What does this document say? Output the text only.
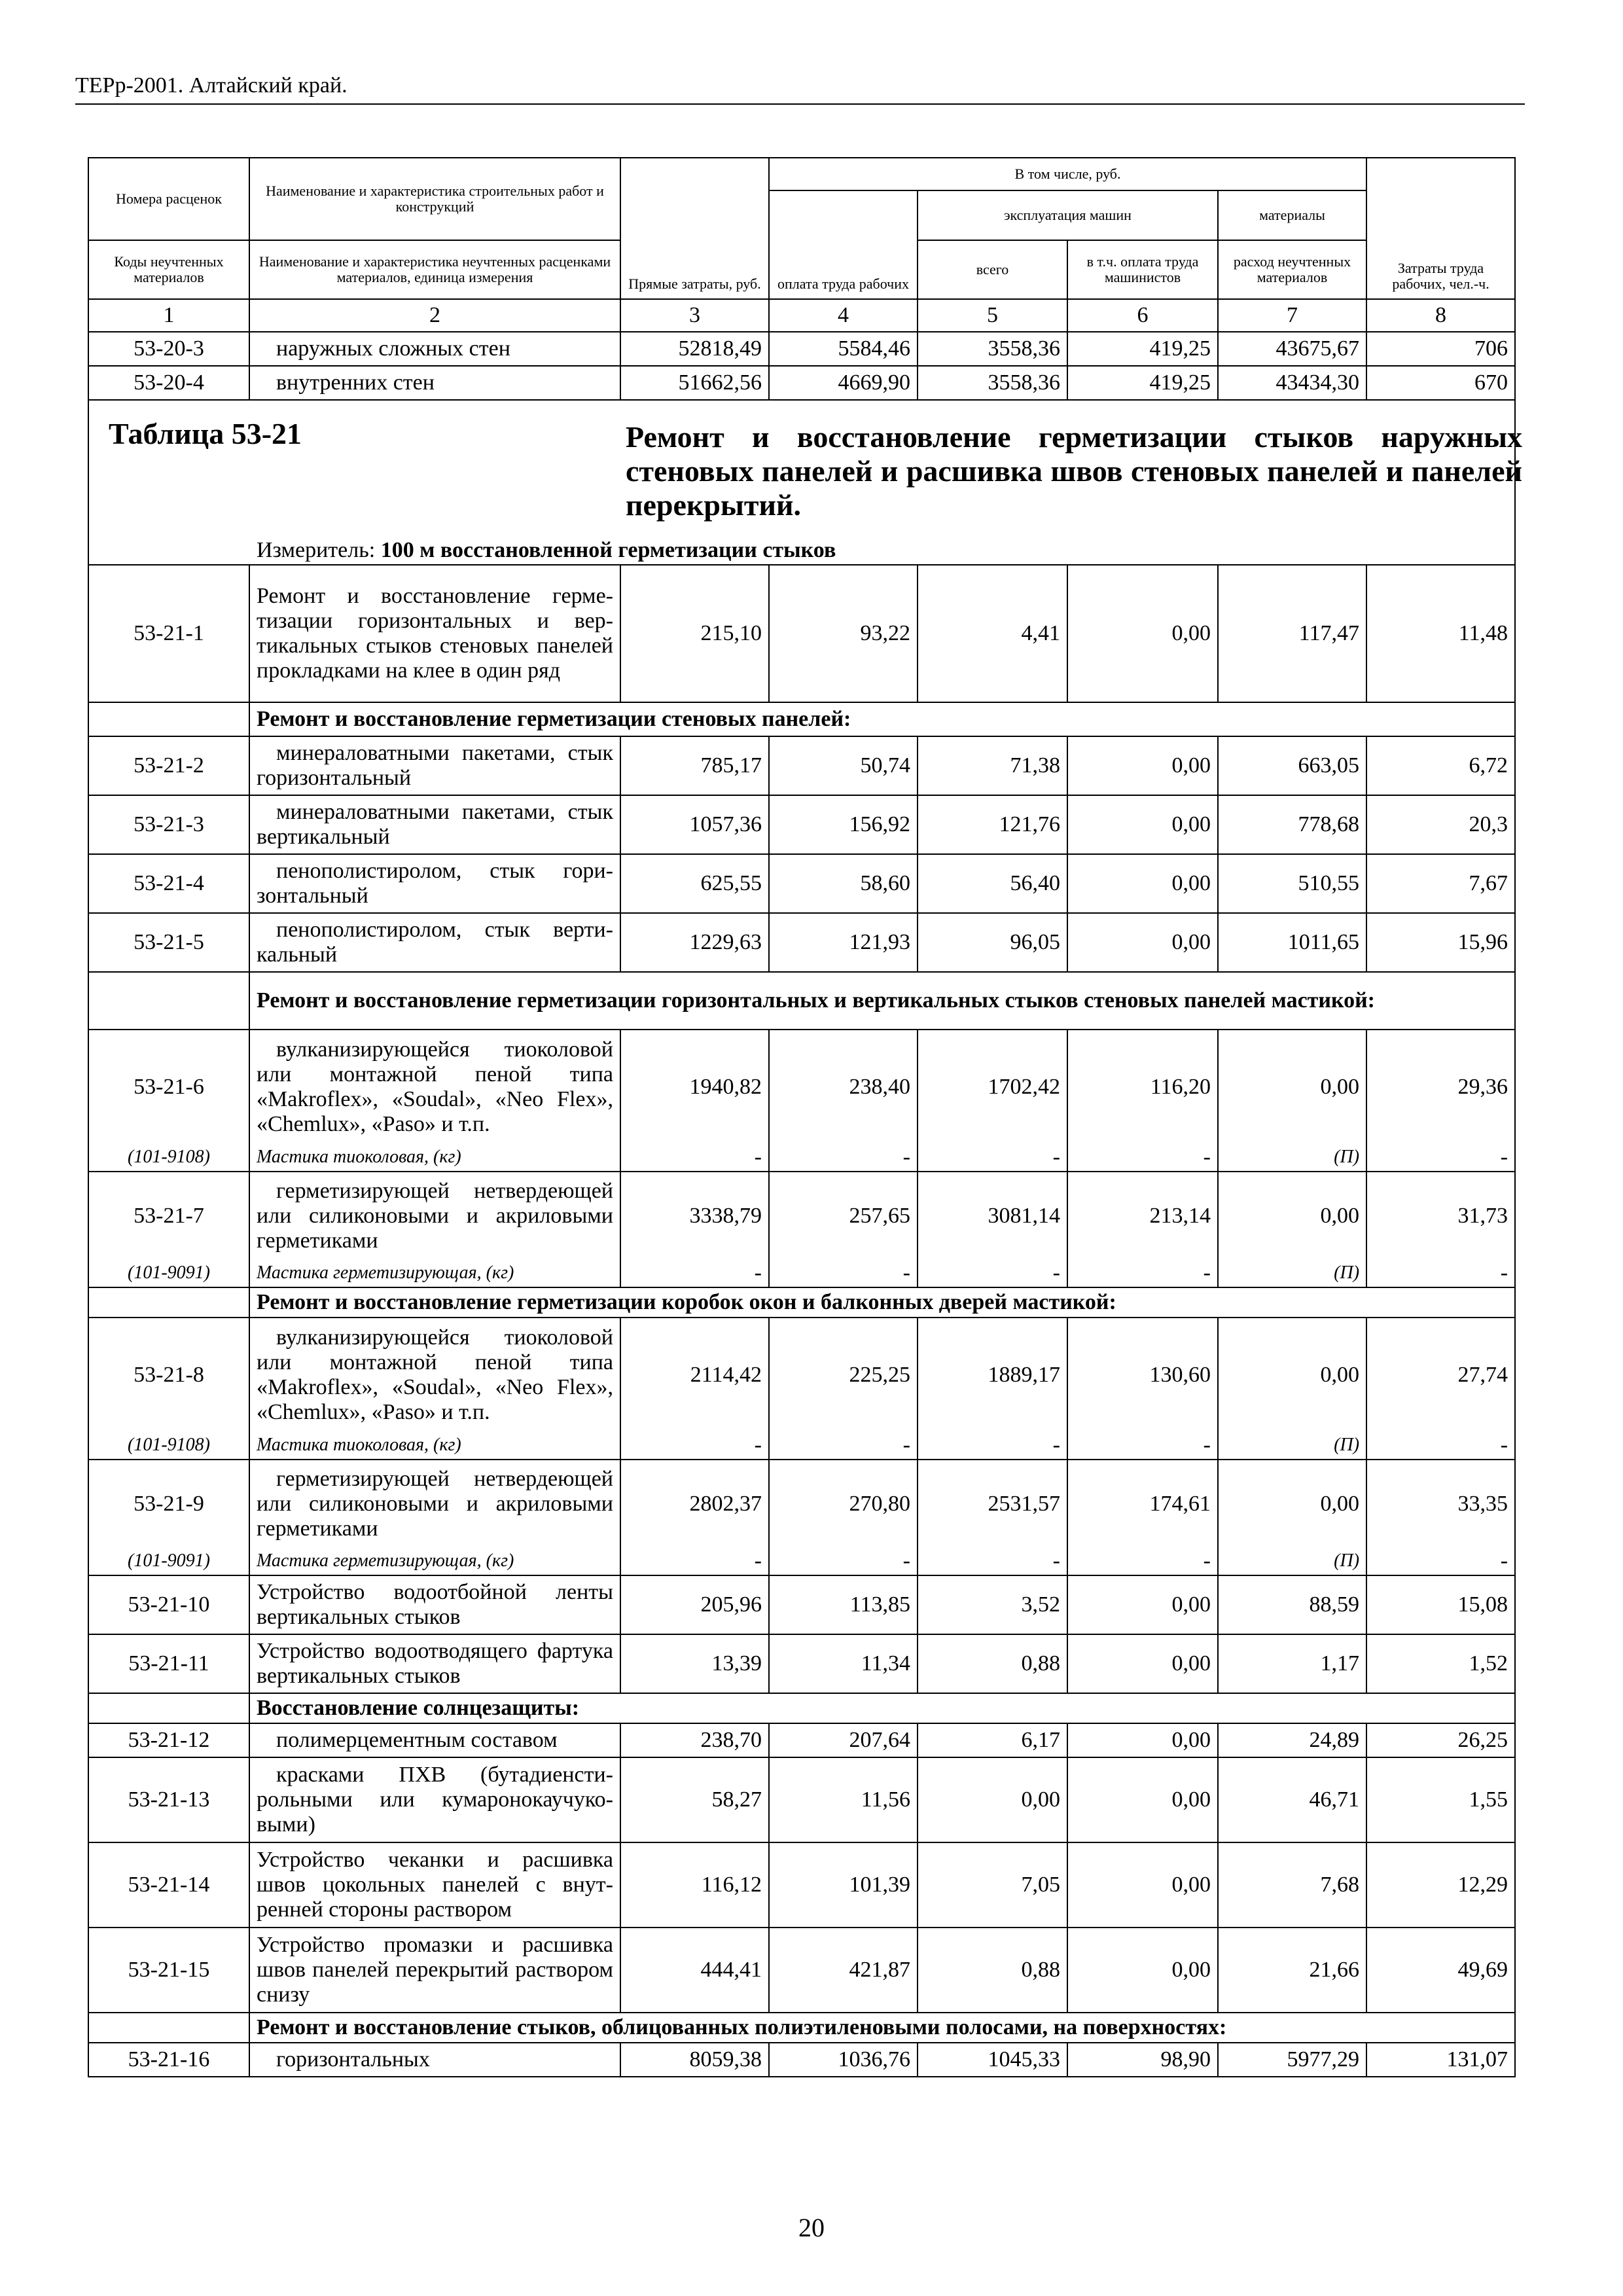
ТЕРр-2001. Алтайский край.
Номера расценок	Наименование и характеристика строительных работ и конструкций	Прямые затраты, руб.	В том числе, руб.				Затраты труда рабочих, чел.-ч.
			оплата труда рабочих	эксплуатация машин		материалы	
Коды неучтенных материалов	Наименование и характеристика неучтенных расценками материалов, единица измерения			всего	в т.ч. оплата труда машинистов	расход неучтенных материалов	
1	2	3	4	5	6	7	8
53-20-3	наружных сложных стен	52818,49	5584,46	3558,36	419,25	43675,67	706
53-20-4	внутренних стен	51662,56	4669,90	3558,36	419,25	43434,30	670

Таблица 53-21 Ремонт и восстановление герметизации стыков наружных стеновых панелей и расшивка швов стеновых панелей и панелей перекрытий.
Измеритель: 100 м восстановленной герметизации стыков							

53-21-1	Ремонт и восстановление герметизации горизонтальных и вертикальных стыков стеновых панелей прокладками на клее в один ряд	215,10	93,22	4,41	0,00	117,47	11,48
	Ремонт и восстановление герметизации стеновых панелей:						
53-21-2	минераловатными пакетами, стык горизонтальный	785,17	50,74	71,38	0,00	663,05	6,72
53-21-3	минераловатными пакетами, стык вертикальный	1057,36	156,92	121,76	0,00	778,68	20,3
53-21-4	пенополистиролом, стык горизонтальный	625,55	58,60	56,40	0,00	510,55	7,67
53-21-5	пенополистиролом, стык вертикальный	1229,63	121,93	96,05	0,00	1011,65	15,96
	Ремонт и восстановление герметизации горизонтальных и вертикальных стыков стеновых панелей мастикой:						
53-21-6	вулканизирующейся тиоколовой или монтажной пеной типа «Makroflex», «Soudal», «Neo Flex», «Chemlux», «Paso» и т.п.	1940,82	238,40	1702,42	116,20	0,00	29,36
(101-9108)	Мастика тиоколовая, (кг)	-	-	-	-	(П)	-
53-21-7	герметизирующей нетвердеющей или силиконовыми и акриловыми герметиками	3338,79	257,65	3081,14	213,14	0,00	31,73
(101-9091)	Мастика герметизирующая, (кг)	-	-	-	-	(П)	-
	Ремонт и восстановление герметизации коробок окон и балконных дверей мастикой:						
53-21-8	вулканизирующейся тиоколовой или монтажной пеной типа «Makroflex», «Soudal», «Neo Flex», «Chemlux», «Paso» и т.п.	2114,42	225,25	1889,17	130,60	0,00	27,74
(101-9108)	Мастика тиоколовая, (кг)	-	-	-	-	(П)	-
53-21-9	герметизирующей нетвердеющей или силиконовыми и акриловыми герметиками	2802,37	270,80	2531,57	174,61	0,00	33,35
(101-9091)	Мастика герметизирующая, (кг)	-	-	-	-	(П)	-
53-21-10	Устройство водоотбойной ленты вертикальных стыков	205,96	113,85	3,52	0,00	88,59	15,08
53-21-11	Устройство водоотводящего фартука вертикальных стыков	13,39	11,34	0,88	0,00	1,17	1,52
	Восстановление солнцезащиты:						
53-21-12	полимерцементным составом	238,70	207,64	6,17	0,00	24,89	26,25
53-21-13	красками ПХВ (бутадиенстирольными или кумаронокаучуковыми)	58,27	11,56	0,00	0,00	46,71	1,55
53-21-14	Устройство чеканки и расшивка швов цокольных панелей с внутренней стороны раствором	116,12	101,39	7,05	0,00	7,68	12,29
53-21-15	Устройство промазки и расшивка швов панелей перекрытий раствором снизу	444,41	421,87	0,88	0,00	21,66	49,69
	Ремонт и восстановление стыков, облицованных полиэтиленовыми полосами, на поверхностях:						
53-21-16	горизонтальных	8059,38	1036,76	1045,33	98,90	5977,29	131,07
20
